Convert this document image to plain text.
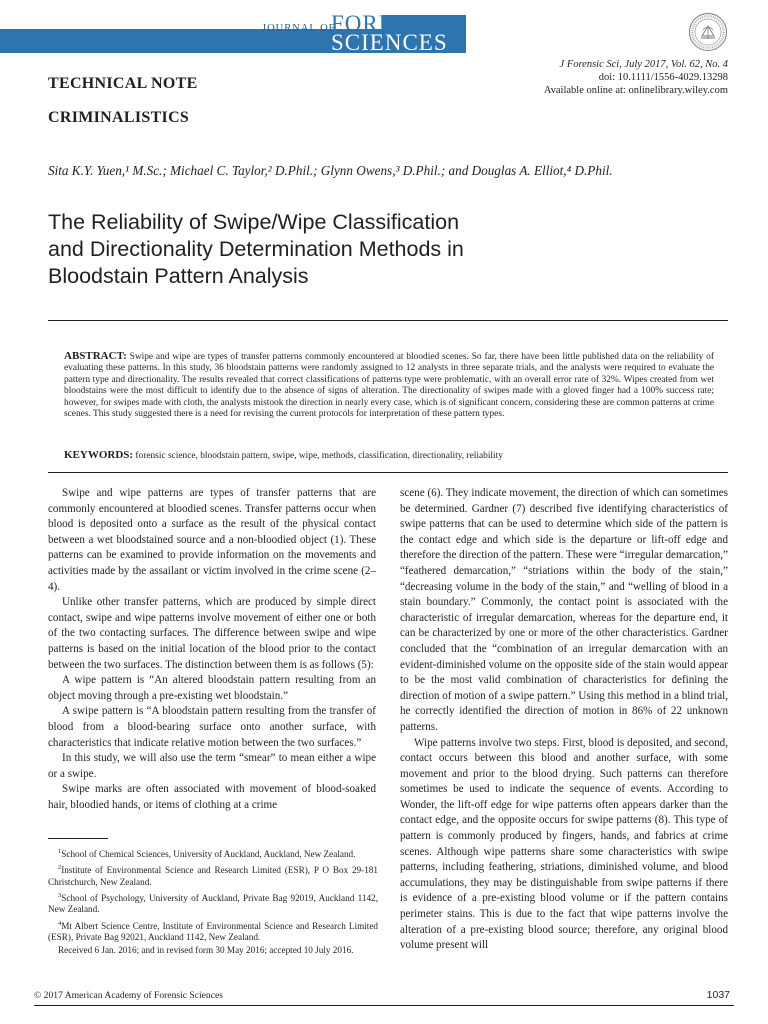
JOURNAL OF
FORENSIC
SCIENCES
J Forensic Sci, July 2017, Vol. 62, No. 4
doi: 10.1111/1556-4029.13298
Available online at: onlinelibrary.wiley.com
TECHNICAL NOTE
CRIMINALISTICS
Sita K.Y. Yuen,¹ M.Sc.; Michael C. Taylor,² D.Phil.; Glynn Owens,³ D.Phil.; and Douglas A. Elliot,⁴ D.Phil.
The Reliability of Swipe/Wipe Classification
and Directionality Determination Methods in
Bloodstain Pattern Analysis
ABSTRACT: Swipe and wipe are types of transfer patterns commonly encountered at bloodied scenes. So far, there have been little published data on the reliability of evaluating these patterns. In this study, 36 bloodstain patterns were randomly assigned to 12 analysts in three separate trials, and the analysts were required to evaluate the pattern type and directionality. The results revealed that correct classifications of patterns type were problematic, with an overall error rate of 32%. Wipes created from wet bloodstains were the most difficult to identify due to the absence of signs of alteration. The directionality of swipes made with a gloved finger had a 100% success rate; however, for swipes made with cloth, the analysts mistook the direction in nearly every case, which is of significant concern, considering these are common patterns at crime scenes. This study suggested there is a need for revising the current protocols for interpretation of these pattern types.
KEYWORDS: forensic science, bloodstain pattern, swipe, wipe, methods, classification, directionality, reliability

Swipe and wipe patterns are types of transfer patterns that are commonly encountered at bloodied scenes. Transfer patterns occur when blood is deposited onto a surface as the result of the physical contact between a wet bloodstained source and a non-bloodied object (1). These patterns can be examined to provide information on the movements and activities made by the assailant or victim involved in the crime scene (2–4).

Unlike other transfer patterns, which are produced by simple direct contact, swipe and wipe patterns involve movement of either one or both of the two contacting surfaces. The difference between swipe and wipe patterns is based on the initial location of the blood prior to the contact between the two surfaces. The distinction between them is as follows (5):

A wipe pattern is “An altered bloodstain pattern resulting from an object moving through a pre-existing wet bloodstain.”

A swipe pattern is “A bloodstain pattern resulting from the transfer of blood from a blood-bearing surface onto another surface, with characteristics that indicate relative motion between the two surfaces.”

In this study, we will also use the term “smear” to mean either a wipe or a swipe.

Swipe marks are often associated with movement of blood-soaked hair, bloodied hands, or items of clothing at a crime

scene (6). They indicate movement, the direction of which can sometimes be determined. Gardner (7) described five identifying characteristics of swipe patterns that can be used to determine which side of the pattern is the contact edge and which side is the departure or lift-off edge and therefore the direction of the pattern. These were “irregular demarcation,” “feathered demarcation,” “striations within the body of the stain,” “decreasing volume in the body of the stain,” and “welling of blood in a stain boundary.” Commonly, the contact point is associated with the characteristic of irregular demarcation, whereas for the departure end, it can be characterized by one or more of the other characteristics. Gardner concluded that the “combination of an irregular demarcation with an evident-diminished volume on the opposite side of the stain would appear to be the most valid combination of characteristics for defining the direction of motion of a swipe pattern.” Using this method in a blind trial, he correctly identified the direction of motion in 86% of 22 unknown patterns.

Wipe patterns involve two steps. First, blood is deposited, and second, contact occurs between this blood and another surface, with some movement and prior to the blood drying. Such patterns can therefore sometimes be used to indicate the sequence of events. According to Wonder, the lift-off edge for wipe patterns often appears darker than the contact edge, and the opposite occurs for swipe patterns (8). This type of pattern is commonly produced by fingers, hands, and fabrics at crime scenes. Although wipe patterns share some characteristics with swipe patterns, including feathering, striations, diminished volume, and blood accumulations, they may be distinguishable from swipe patterns if there is evidence of a pre-existing blood volume or if the pattern contains perimeter stains. This is due to the fact that wipe patterns involve the alteration of a pre-existing blood source; therefore, any original blood volume present will

$^1$School of Chemical Sciences, University of Auckland, Auckland, New Zealand.

$^2$Institute of Environmental Science and Research Limited (ESR), P O Box 29-181 Christchurch, New Zealand.

$^3$School of Psychology, University of Auckland, Private Bag 92019, Auckland 1142, New Zealand.

$^4$Mt Albert Science Centre, Institute of Environmental Science and Research Limited (ESR), Private Bag 92021, Auckland 1142, New Zealand.

Received 6 Jan. 2016; and in revised form 30 May 2016; accepted 10 July 2016.

© 2017 American Academy of Forensic Sciences	1037
